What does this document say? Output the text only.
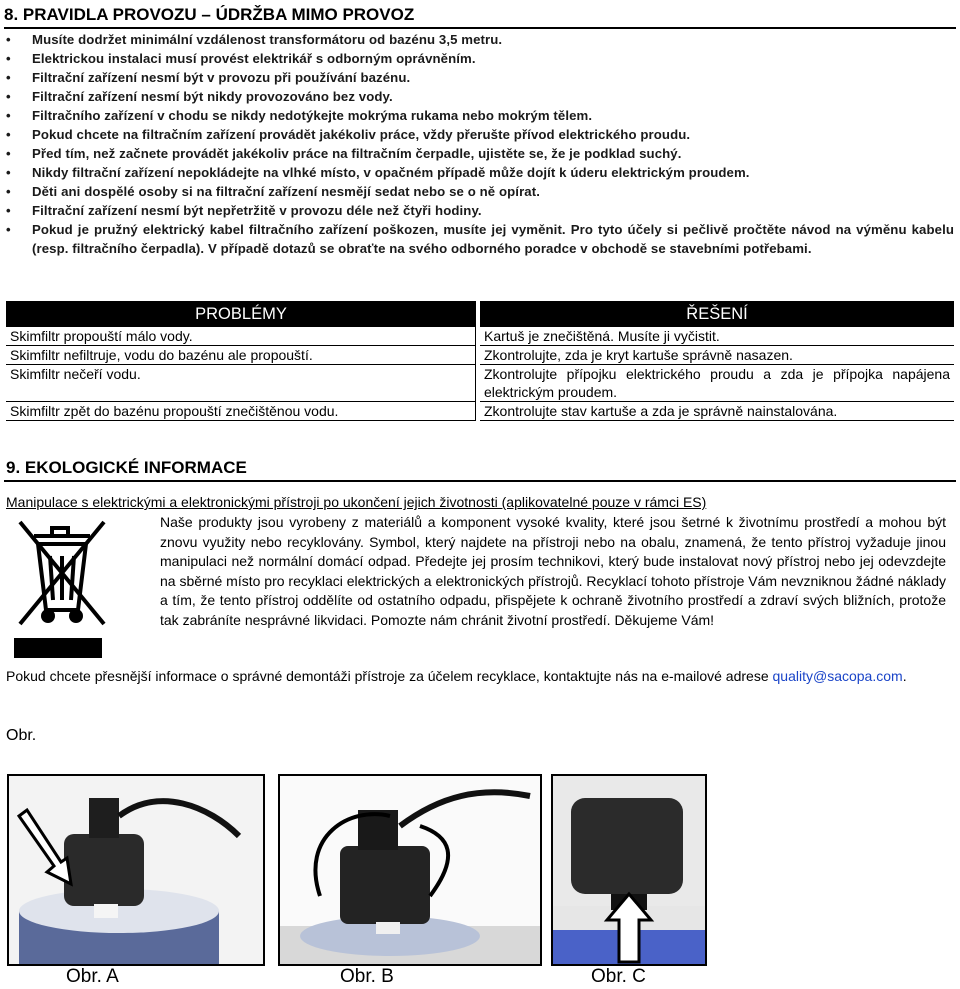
8. PRAVIDLA PROVOZU – ÚDRŽBA MIMO PROVOZ
• Musíte dodržet minimální vzdálenost transformátoru od bazénu 3,5 metru.
• Elektrickou instalaci musí provést elektrikář s odborným oprávněním.
• Filtrační zařízení nesmí být v provozu při používání bazénu.
• Filtrační zařízení nesmí být nikdy provozováno bez vody.
• Filtračního zařízení v chodu se nikdy nedotýkejte mokrýma rukama nebo mokrým tělem.
• Pokud chcete na filtračním zařízení provádět jakékoliv práce, vždy přerušte přívod elektrického proudu.
• Před tím, než začnete provádět jakékoliv práce na filtračním čerpadle, ujistěte se, že je podklad suchý.
• Nikdy filtrační zařízení nepokládejte na vlhké místo, v opačném případě může dojít k úderu elektrickým proudem.
• Děti ani dospělé osoby si na filtrační zařízení nesmějí sedat nebo se o ně opírat.
• Filtrační zařízení nesmí být nepřetržitě v provozu déle než čtyři hodiny.
• Pokud je pružný elektrický kabel filtračního zařízení poškozen, musíte jej vyměnit. Pro tyto účely si pečlivě pročtěte návod na výměnu kabelu (resp. filtračního čerpadla). V případě dotazů se obraťte na svého odborného poradce v obchodě se stavebními potřebami.
PROBLÉMY		ŘEŠENÍ
Skimfiltr propouští málo vody.		Kartuš je znečištěná. Musíte ji vyčistit.
Skimfiltr nefiltruje, vodu do bazénu ale propouští.		Zkontrolujte, zda je kryt kartuše správně nasazen.
Skimfiltr nečeří vodu.		Zkontrolujte přípojku elektrického proudu a zda je přípojka napájena elektrickým proudem.
Skimfiltr zpět do bazénu propouští znečištěnou vodu.		Zkontrolujte stav kartuše a zda je správně nainstalována.
9. EKOLOGICKÉ INFORMACE
Manipulace s elektrickými a elektronickými přístroji po ukončení jejich životnosti (aplikovatelné pouze v rámci ES)
Naše produkty jsou vyrobeny z materiálů a komponent vysoké kvality, které jsou šetrné k životnímu prostředí a mohou být znovu využity nebo recyklovány. Symbol, který najdete na přístroji nebo na obalu, znamená, že tento přístroj vyžaduje jinou manipulaci než normální domácí odpad. Předejte jej prosím technikovi, který bude instalovat nový přístroj nebo jej odevzdejte na sběrné místo pro recyklaci elektrických a elektronických přístrojů. Recyklací tohoto přístroje Vám nevzniknou žádné náklady a tím, že tento přístroj oddělíte od ostatního odpadu, přispějete k ochraně životního prostředí a zdraví svých bližních, protože tak zabráníte nesprávné likvidaci. Pomozte nám chránit životní prostředí. Děkujeme Vám!
Pokud chcete přesnější informace o správné demontáži přístroje za účelem recyklace, kontaktujte nás na e-mailové adrese quality@sacopa.com.
Obr.
Obr. A	Obr. B	Obr. C
